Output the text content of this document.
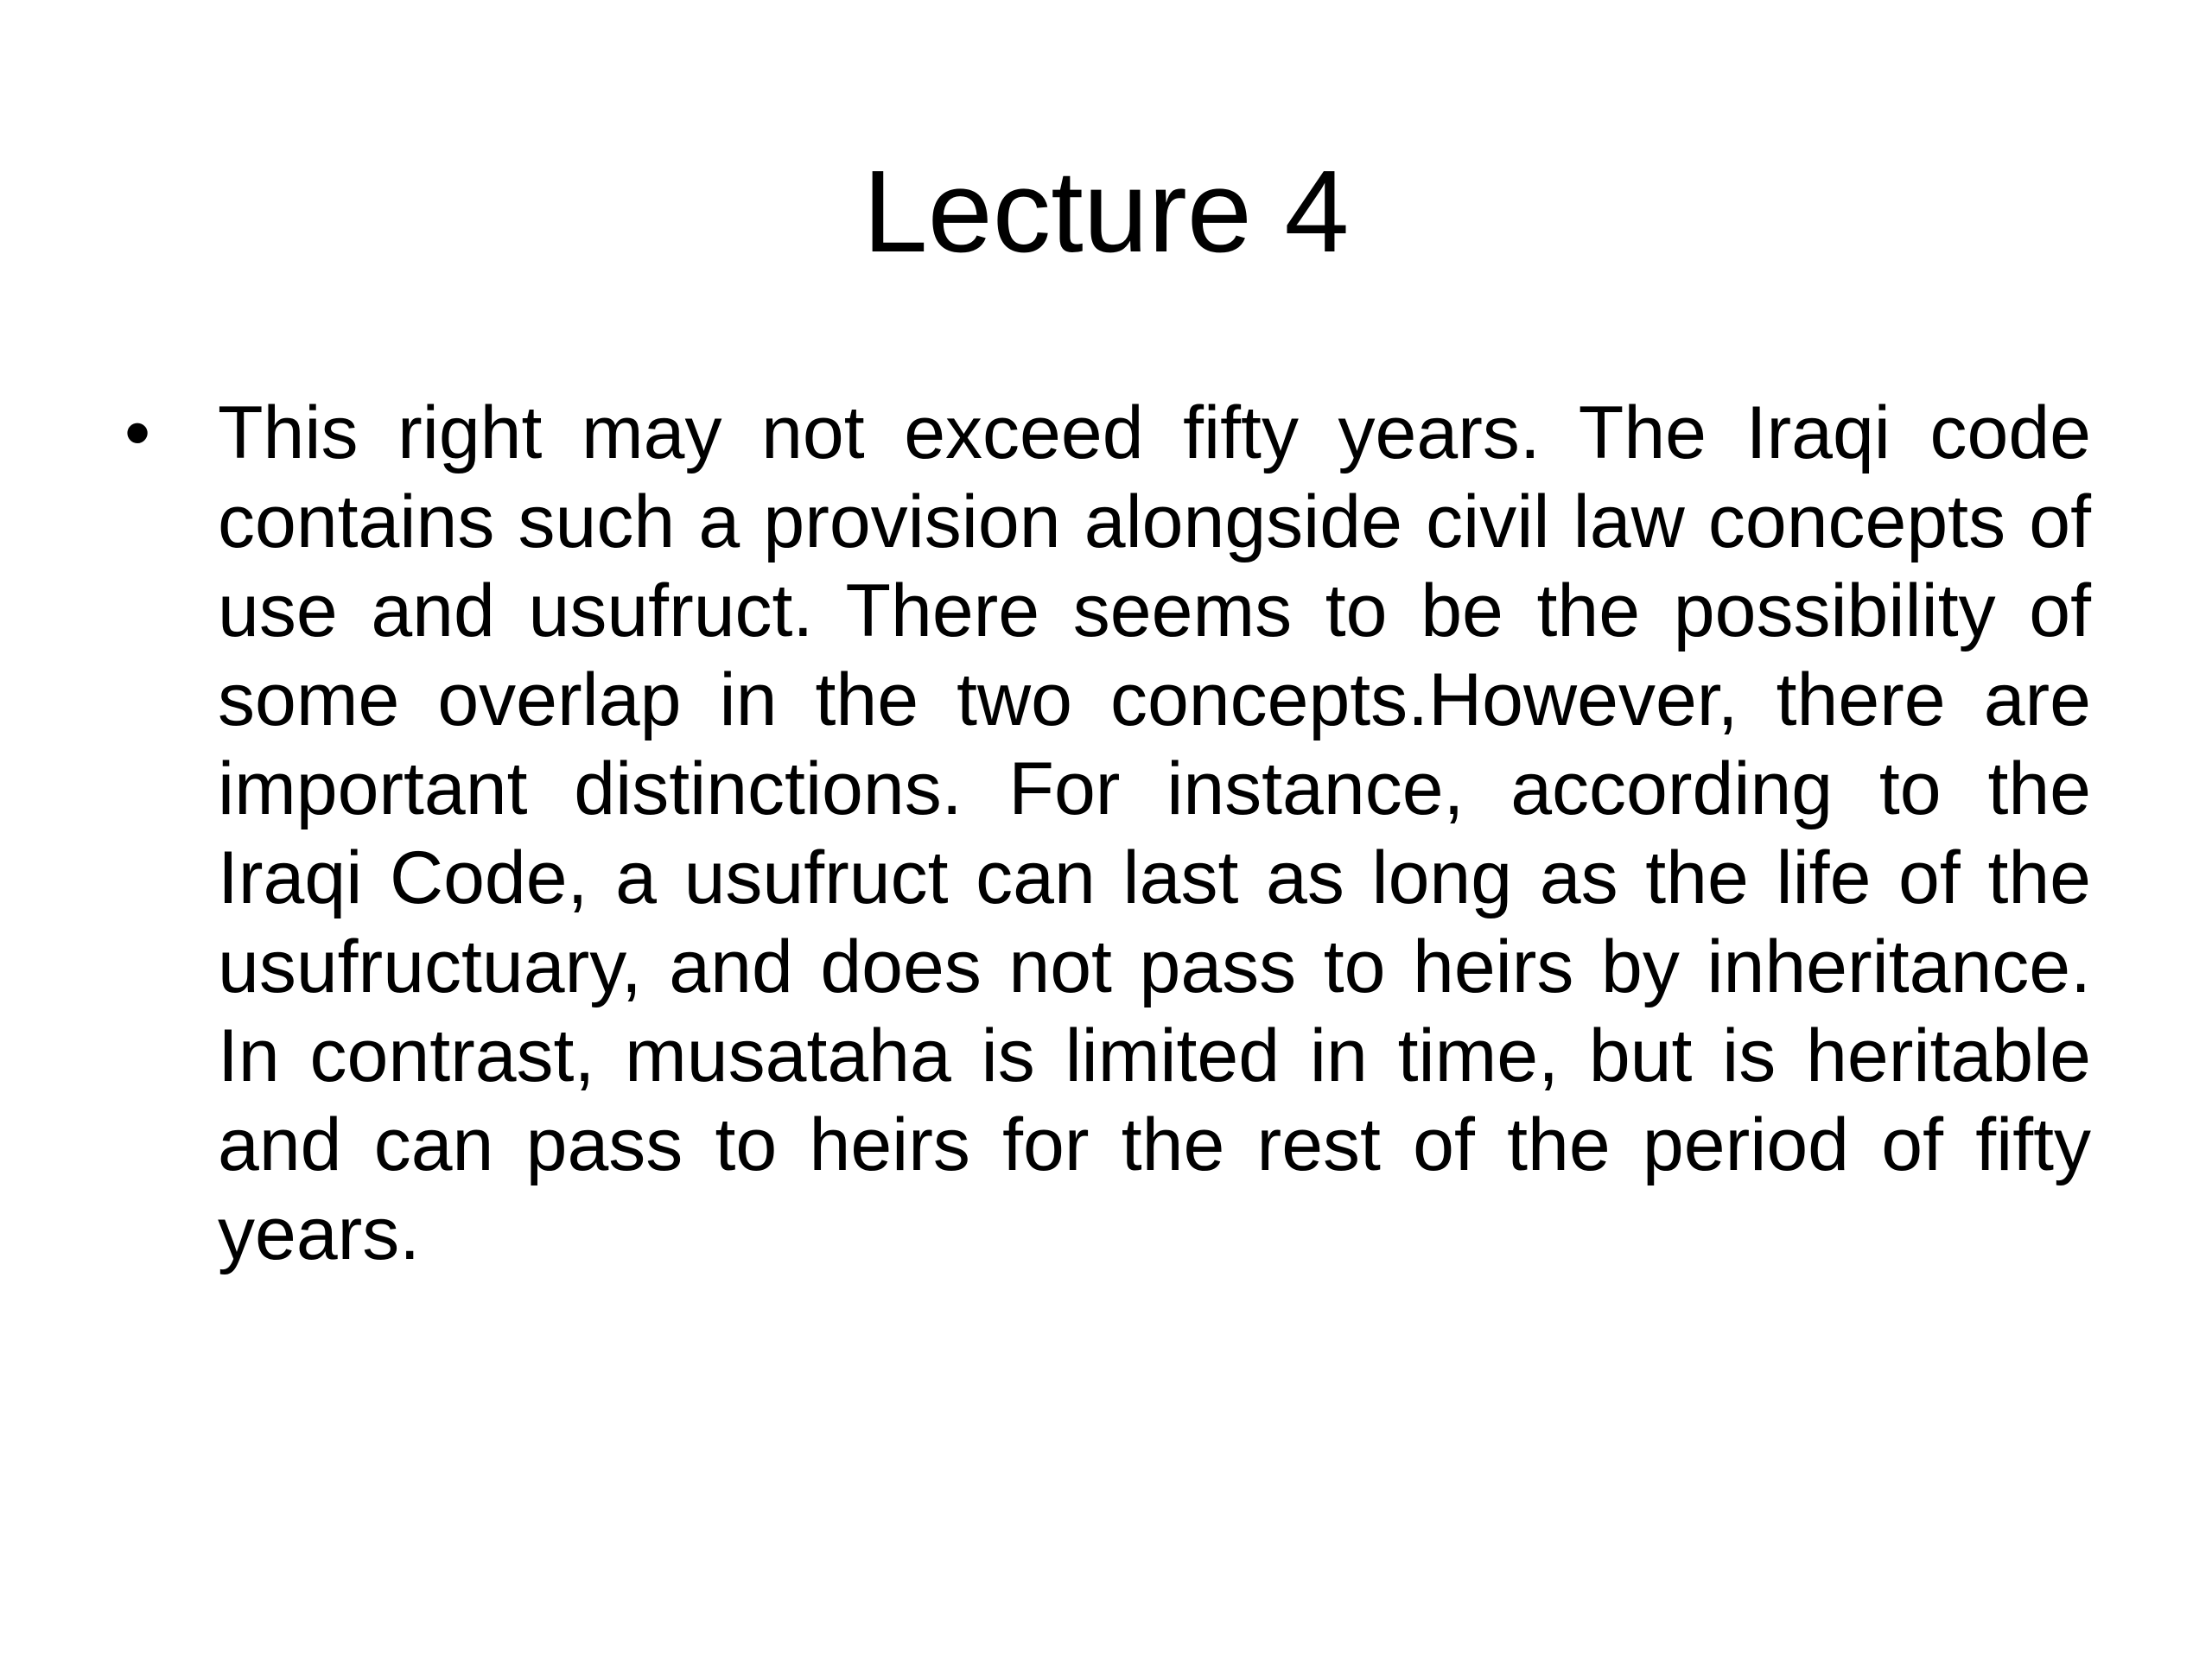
Lecture 4
• This right may not exceed fifty years. The Iraqi code contains such a provision alongside civil law concepts of use and usufruct. There seems to be the possibility of some overlap in the two concepts.However, there are important distinctions. For instance, according to the Iraqi Code, a usufruct can last as long as the life of the usufructuary, and does not pass to heirs by inheritance. In contrast, musataha is limited in time, but is heritable and can pass to heirs for the rest of the period of fifty years.
